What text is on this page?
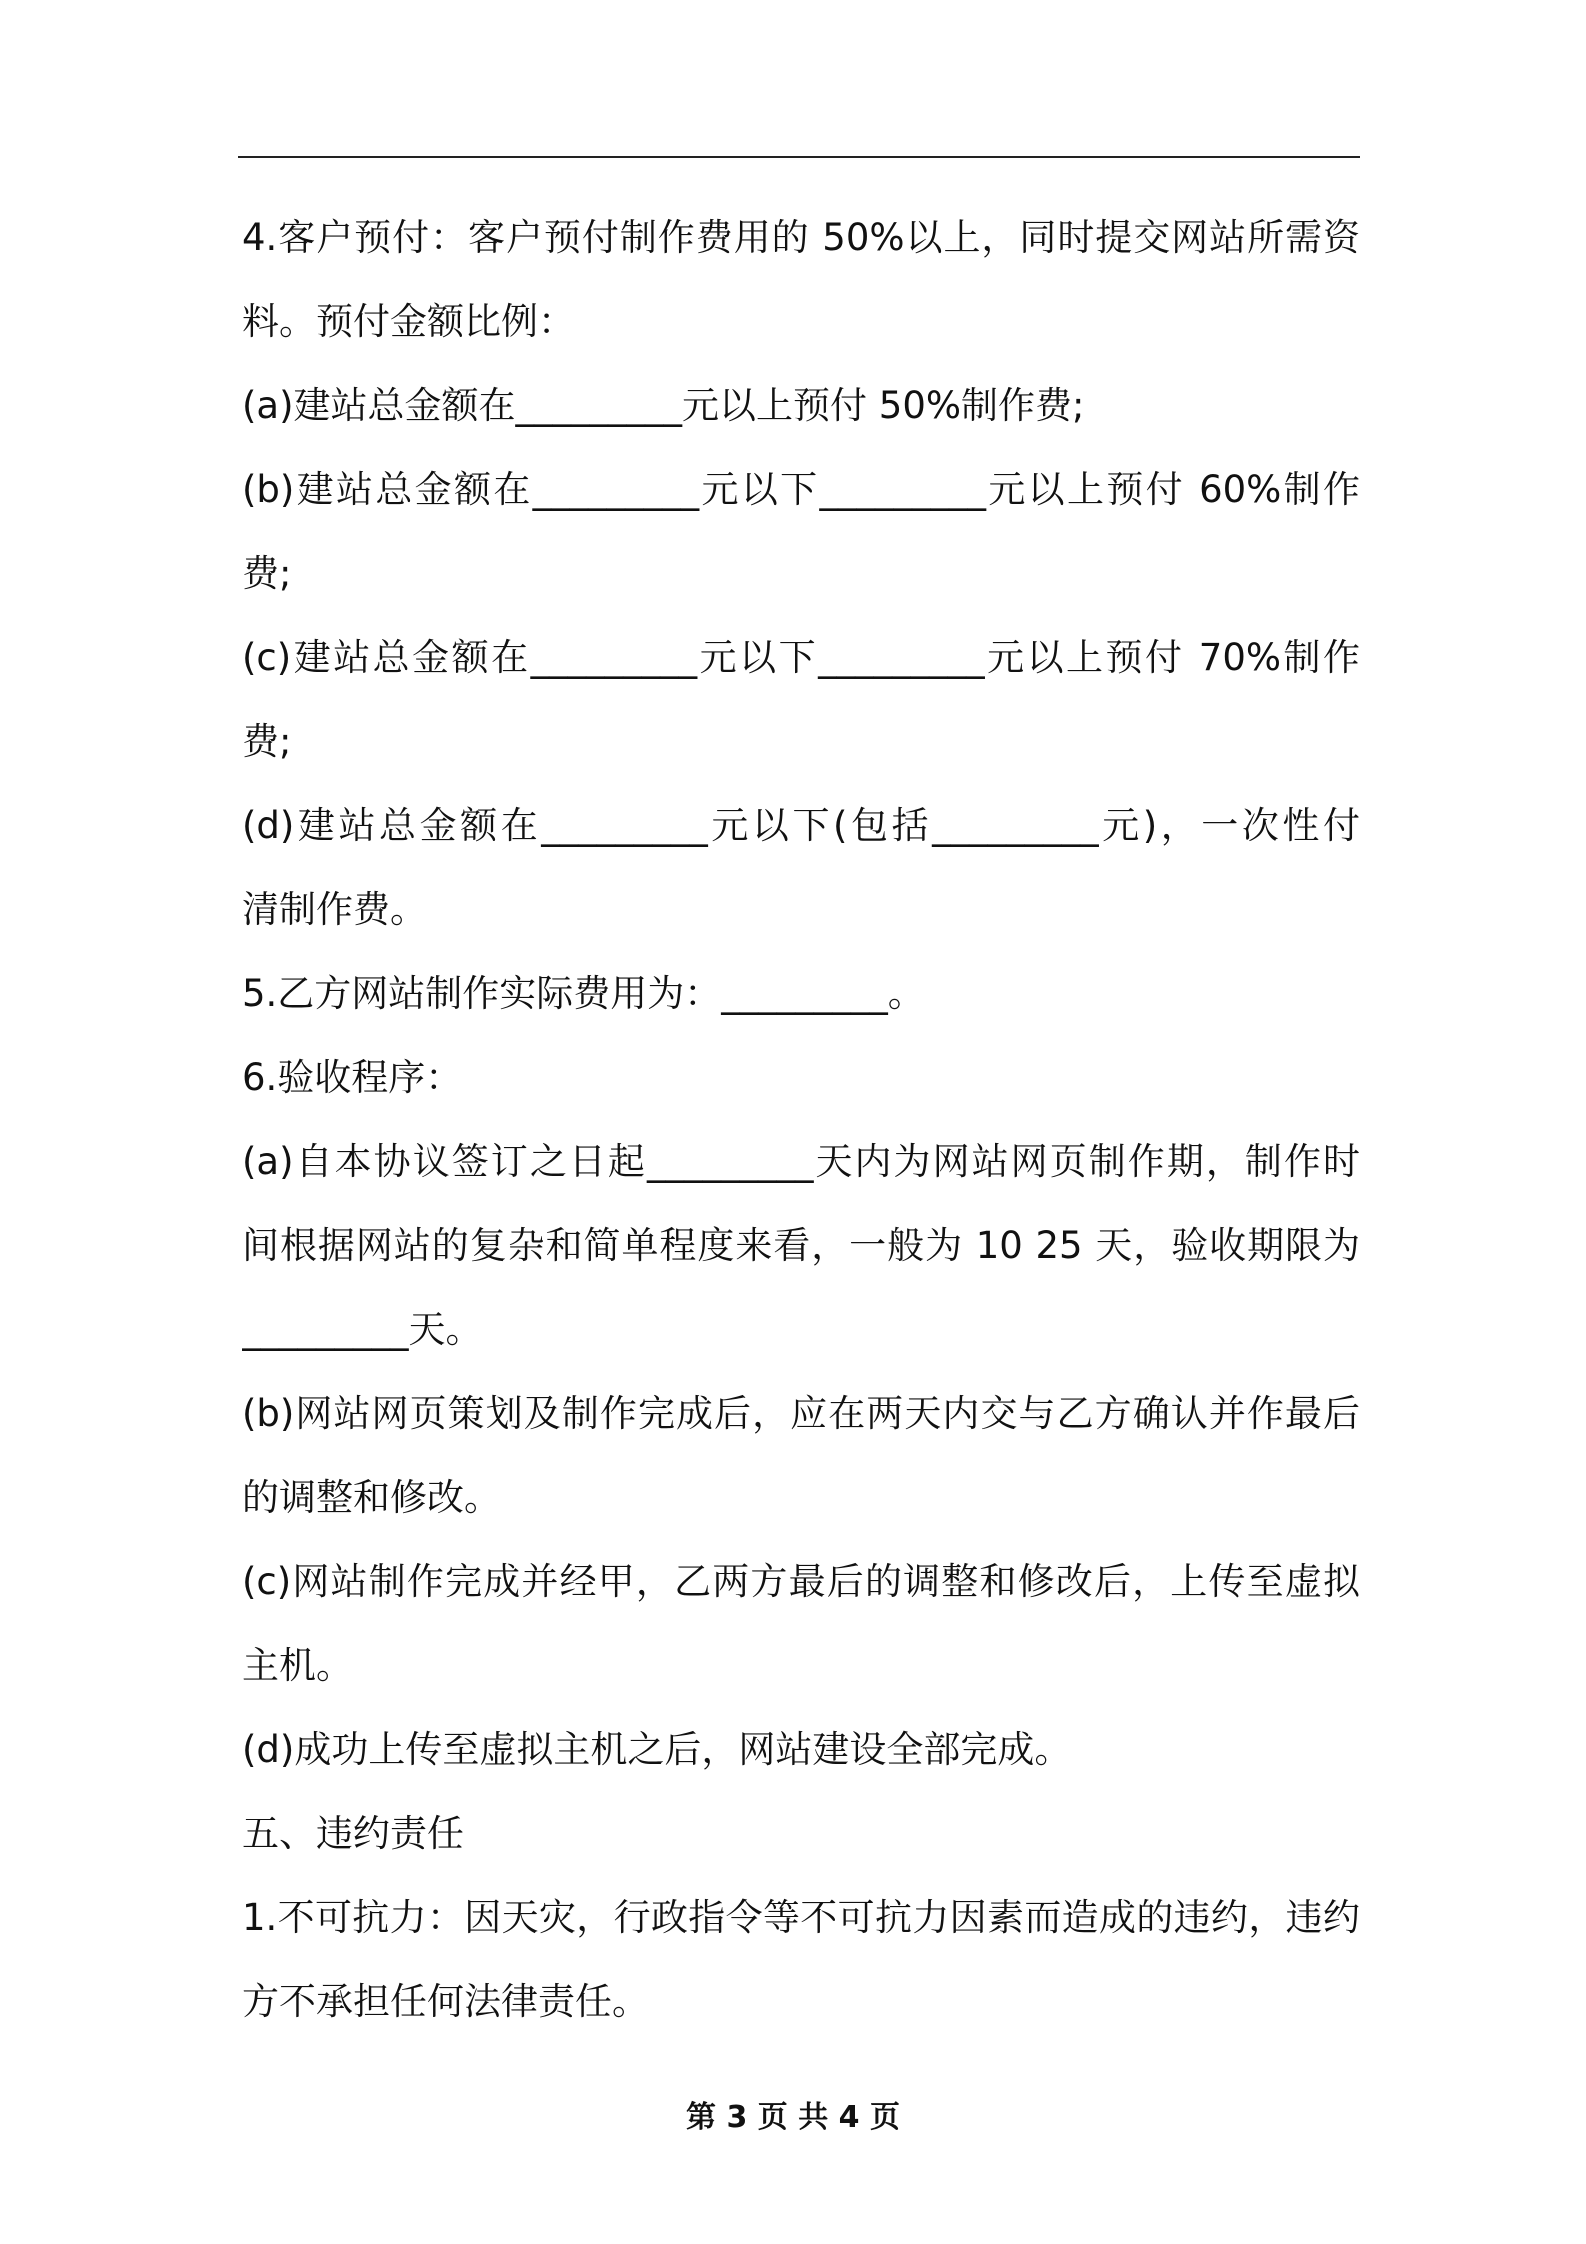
4.客户预付：客户预付制作费用的 50%以上，同时提交网站所需资
料。预付金额比例：
(a)建站总金额在_________元以上预付 50%制作费;
(b)建站总金额在_________元以下_________元以上预付 60%制作
费;
(c)建站总金额在_________元以下_________元以上预付 70%制作
费;
(d)建站总金额在_________元以下(包括_________元)，一次性付
清制作费。
5.乙方网站制作实际费用为：_________。
6.验收程序：
(a)自本协议签订之日起_________天内为网站网页制作期，制作时
间根据网站的复杂和简单程度来看，一般为 10 25 天，验收期限为
_________天。
(b)网站网页策划及制作完成后，应在两天内交与乙方确认并作最后
的调整和修改。
(c)网站制作完成并经甲，乙两方最后的调整和修改后，上传至虚拟
主机。
(d)成功上传至虚拟主机之后，网站建设全部完成。
五、违约责任
1.不可抗力：因天灾，行政指令等不可抗力因素而造成的违约，违约
方不承担任何法律责任。
第 3 页 共 4 页
